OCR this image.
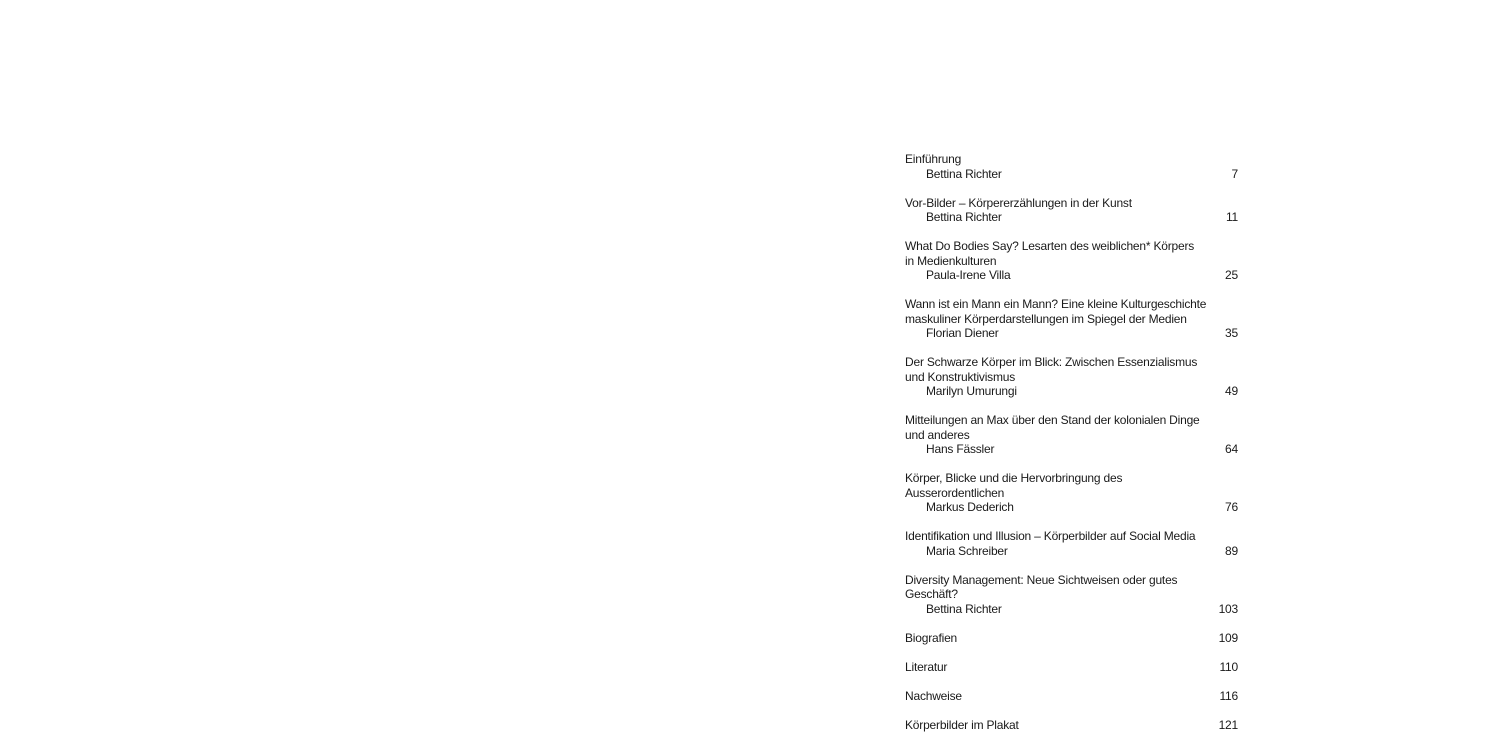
Einführung
Bettina Richter	7
Vor-Bilder – Körpererzählungen in der Kunst
Bettina Richter	11
What Do Bodies Say? Lesarten des weiblichen* Körpers
in Medienkulturen
Paula-Irene Villa	25
Wann ist ein Mann ein Mann? Eine kleine Kulturgeschichte
maskuliner Körperdarstellungen im Spiegel der Medien
Florian Diener	35
Der Schwarze Körper im Blick: Zwischen Essenzialismus
und Konstruktivismus
Marilyn Umurungi	49
Mitteilungen an Max über den Stand der kolonialen Dinge
und anderes
Hans Fässler	64
Körper, Blicke und die Hervorbringung des
Ausserordentlichen
Markus Dederich	76
Identifikation und Illusion – Körperbilder auf Social Media
Maria Schreiber	89
Diversity Management: Neue Sichtweisen oder gutes
Geschäft?
Bettina Richter	103
Biografien	109
Literatur	110
Nachweise	116
Körperbilder im Plakat	121
